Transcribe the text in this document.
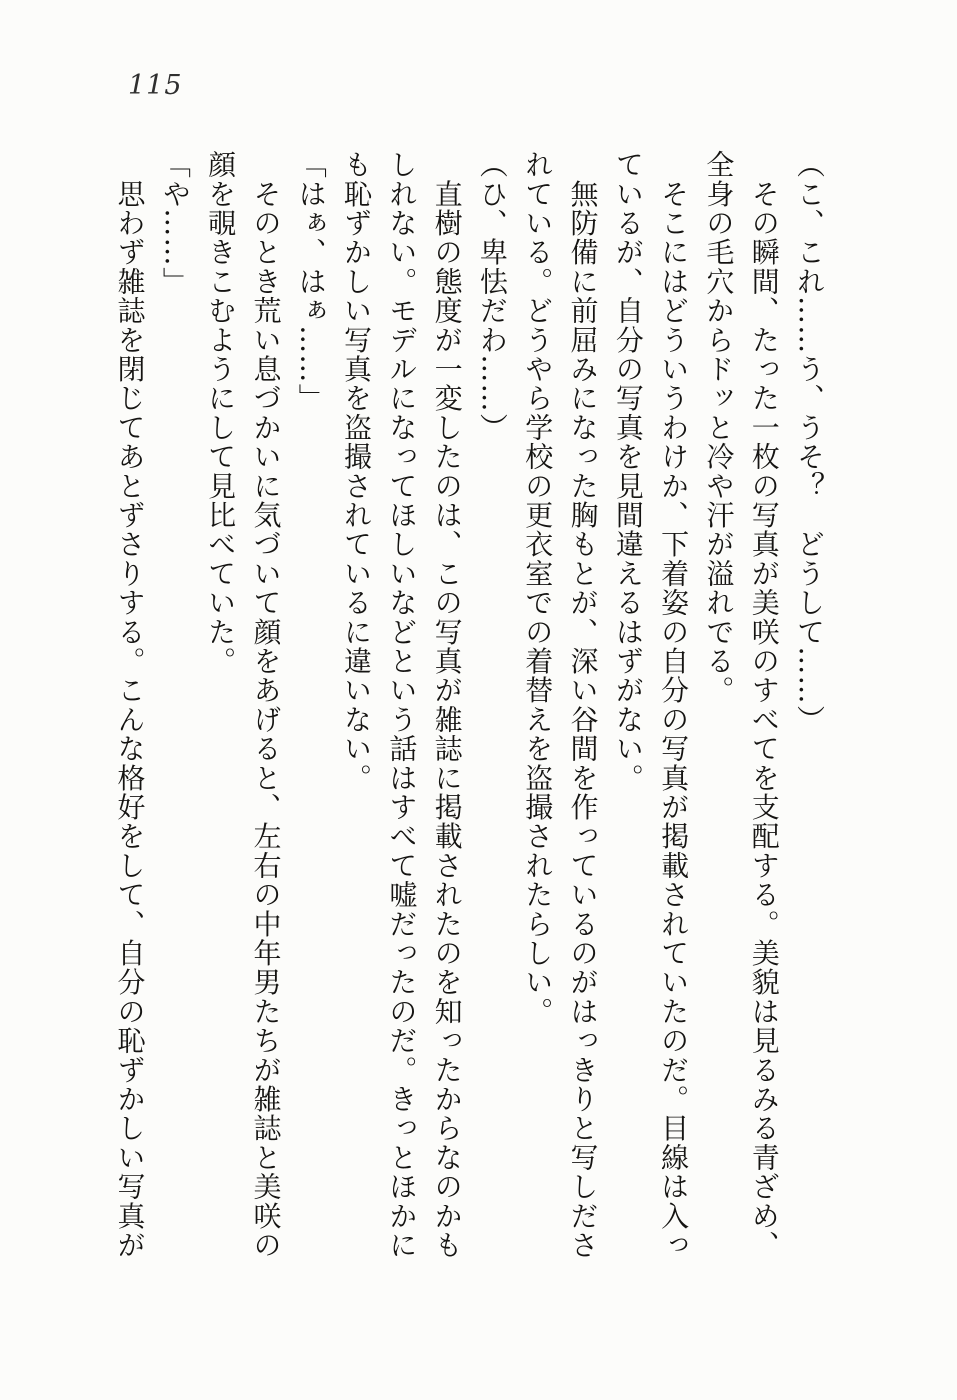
115

（こ、これ……う、うそ？　どうして……）

　その瞬間、たった一枚の写真が美咲のすべてを支配する。美貌は見るみる青ざめ、

全身の毛穴からドッと冷や汗が溢れでる。

　そこにはどういうわけか、下着姿の自分の写真が掲載されていたのだ。目線は入っ

ているが、自分の写真を見間違えるはずがない。

　無防備に前屈みになった胸もとが、深い谷間を作っているのがはっきりと写しださ

れている。どうやら学校の更衣室での着替えを盗撮されたらしい。

（ひ、卑怯だわ……）

　直樹の態度が一変したのは、この写真が雑誌に掲載されたのを知ったからなのかも

しれない。モデルになってほしいなどという話はすべて嘘だったのだ。きっとほかに

も恥ずかしい写真を盗撮されているに違いない。

「はぁ、はぁ……」

　そのとき荒い息づかいに気づいて顔をあげると、左右の中年男たちが雑誌と美咲の

顔を覗きこむようにして見比べていた。

「や……」

　思わず雑誌を閉じてあとずさりする。こんな格好をして、自分の恥ずかしい写真が
